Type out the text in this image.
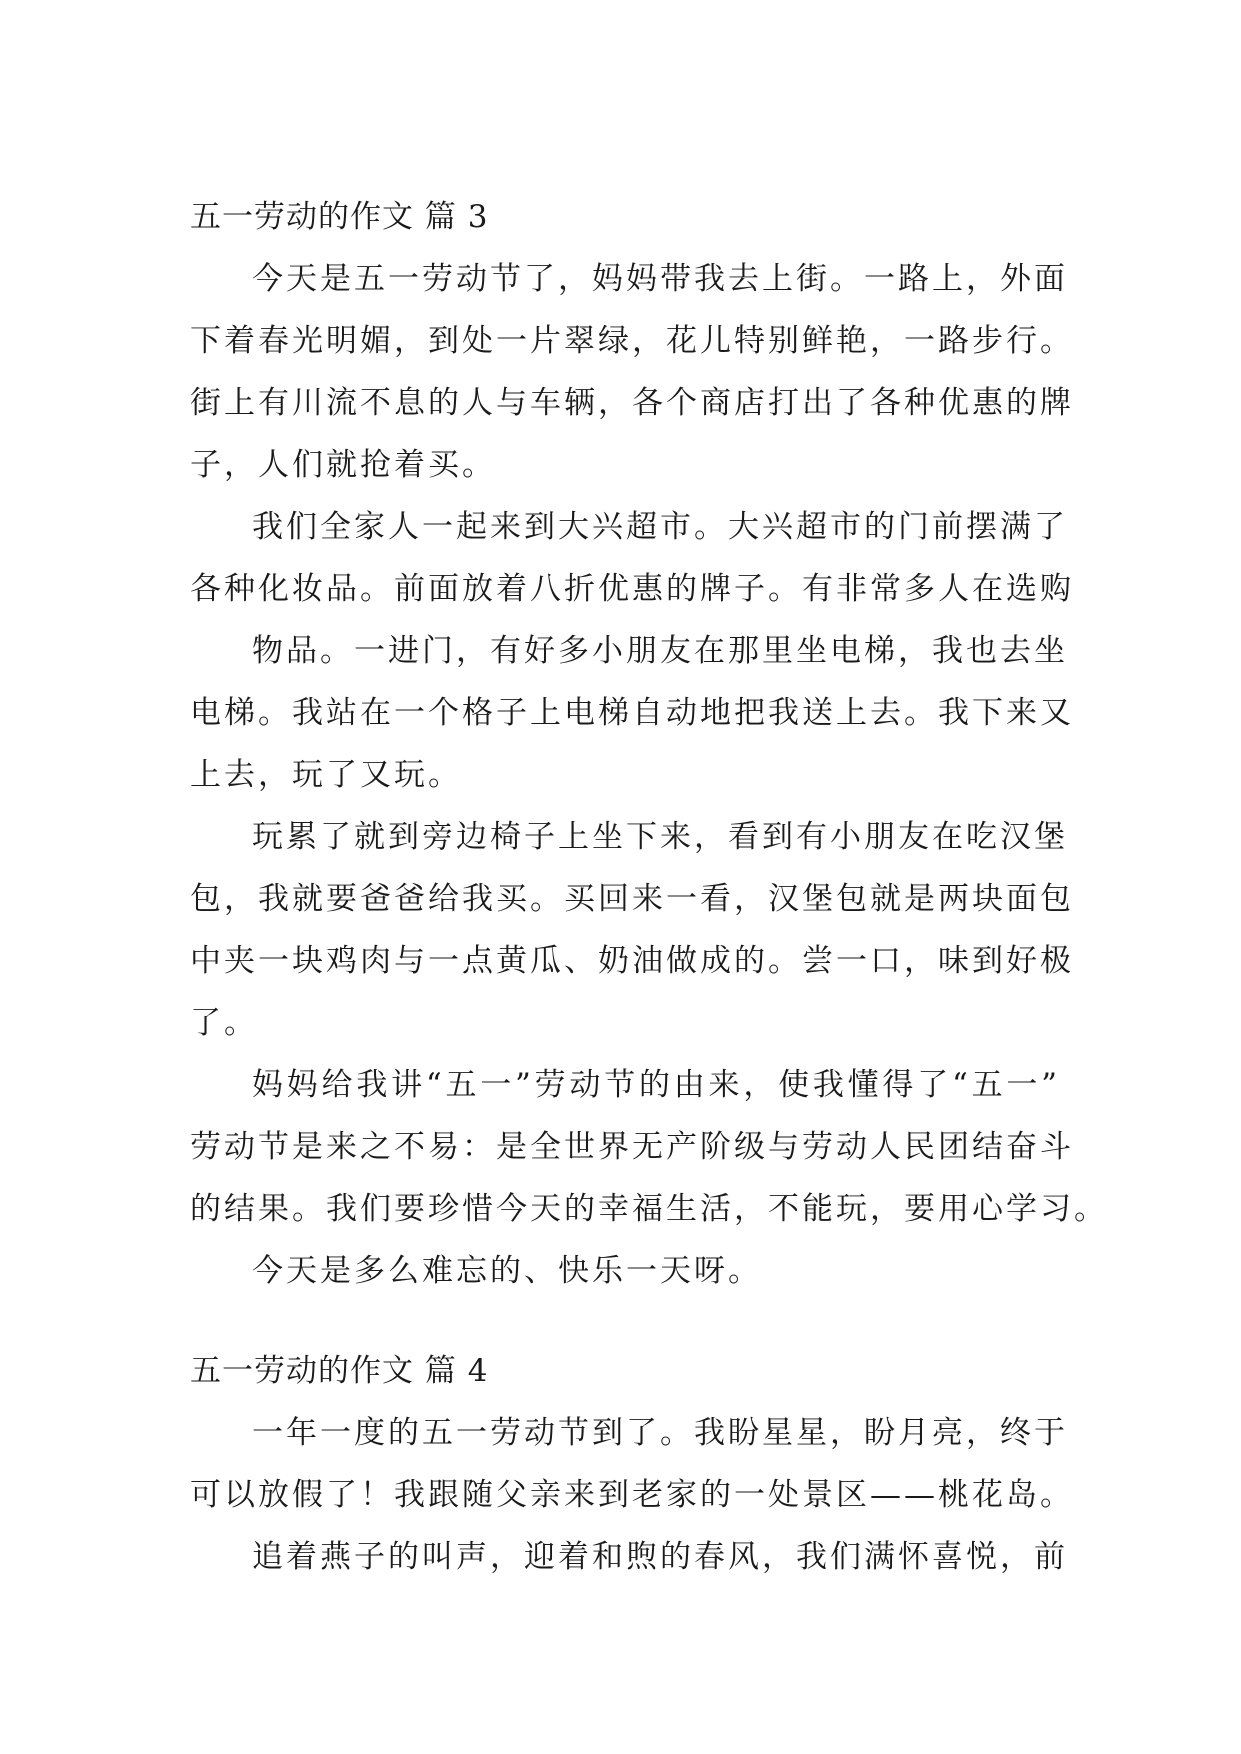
五一劳动的作文 篇 3

今天是五一劳动节了，妈妈带我去上街。一路上，外面

下着春光明媚，到处一片翠绿，花儿特别鲜艳，一路步行。

街上有川流不息的人与车辆，各个商店打出了各种优惠的牌

子，人们就抢着买。

我们全家人一起来到大兴超市。大兴超市的门前摆满了

各种化妆品。前面放着八折优惠的牌子。有非常多人在选购

物品。一进门，有好多小朋友在那里坐电梯，我也去坐

电梯。我站在一个格子上电梯自动地把我送上去。我下来又

上去，玩了又玩。

玩累了就到旁边椅子上坐下来，看到有小朋友在吃汉堡

包，我就要爸爸给我买。买回来一看，汉堡包就是两块面包

中夹一块鸡肉与一点黄瓜、奶油做成的。尝一口，味到好极

了。

妈妈给我讲“五一”劳动节的由来，使我懂得了“五一”

劳动节是来之不易：是全世界无产阶级与劳动人民团结奋斗

的结果。我们要珍惜今天的幸福生活，不能玩，要用心学习。

今天是多么难忘的、快乐一天呀。

五一劳动的作文 篇 4

一年一度的五一劳动节到了。我盼星星，盼月亮，终于

可以放假了！我跟随父亲来到老家的一处景区——桃花岛。

追着燕子的叫声，迎着和煦的春风，我们满怀喜悦，前
